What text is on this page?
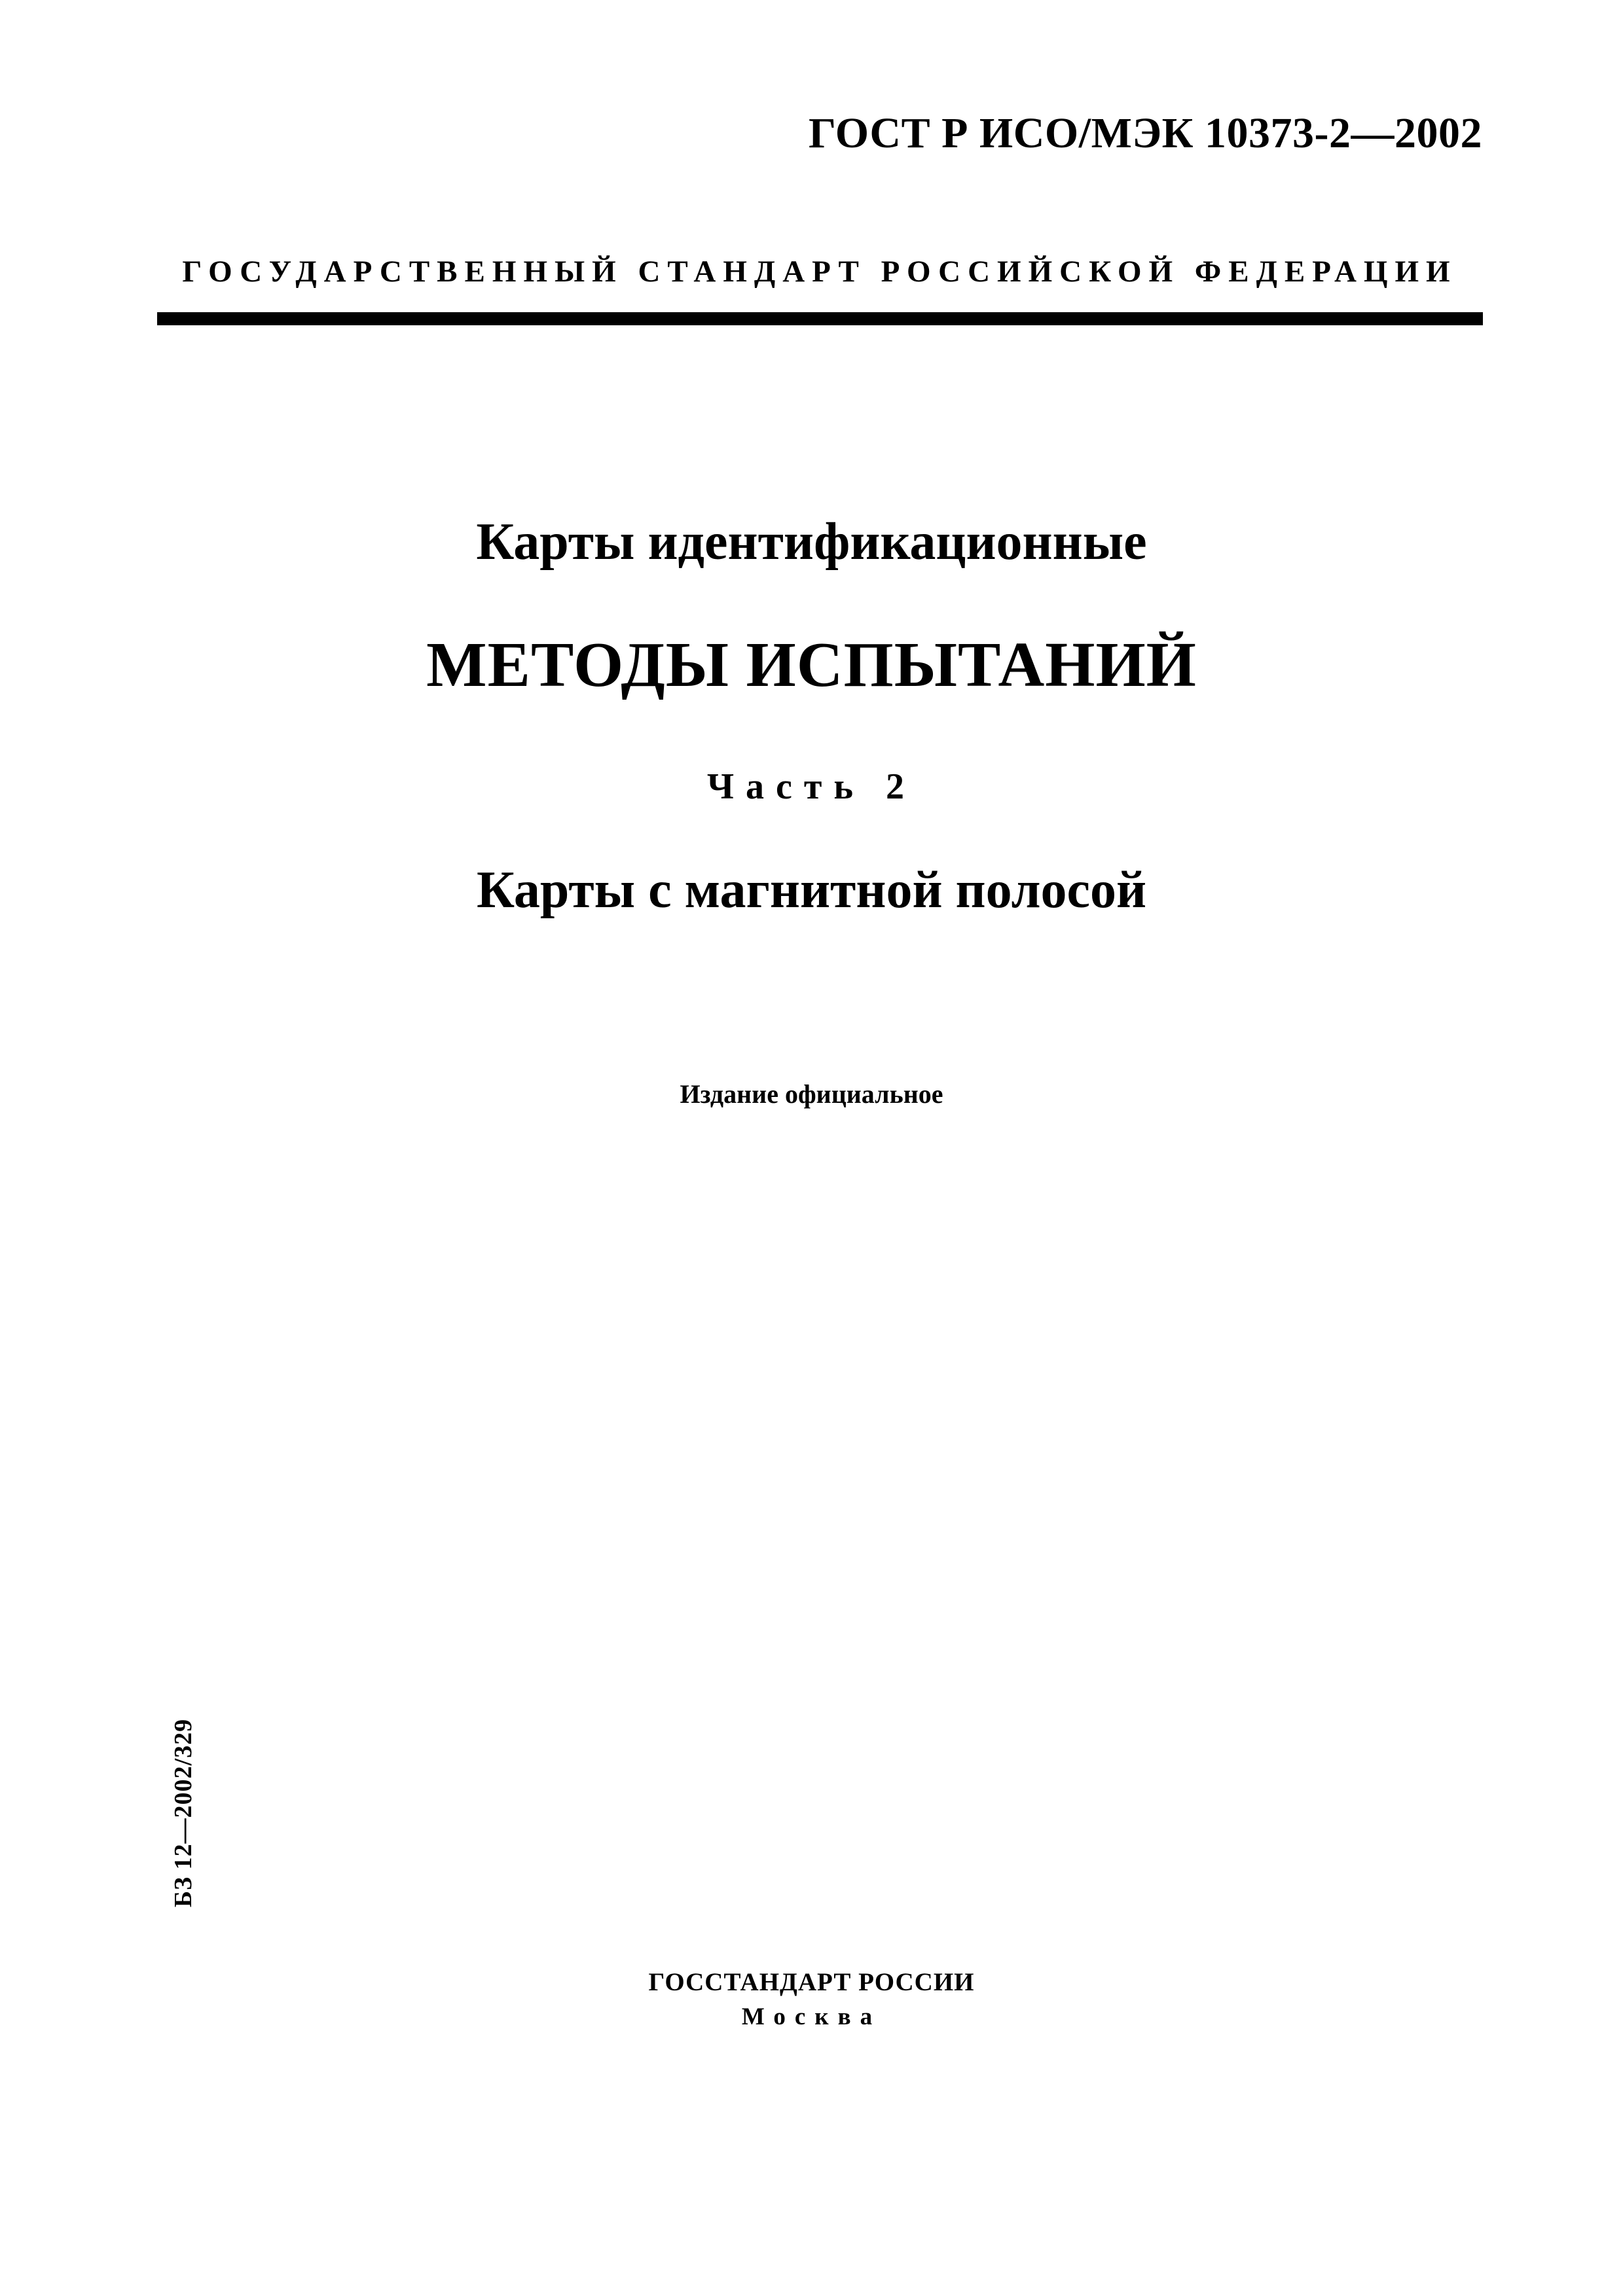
ГОСТ Р ИСО/МЭК 10373-2—2002

ГОСУДАРСТВЕННЫЙ СТАНДАРТ РОССИЙСКОЙ ФЕДЕРАЦИИ

Карты идентификационные
МЕТОДЫ ИСПЫТАНИЙ

Часть 2

Карты с магнитной полосой

Издание официальное

БЗ 12—2002/329

ГОССТАНДАРТ РОССИИ

Москва
